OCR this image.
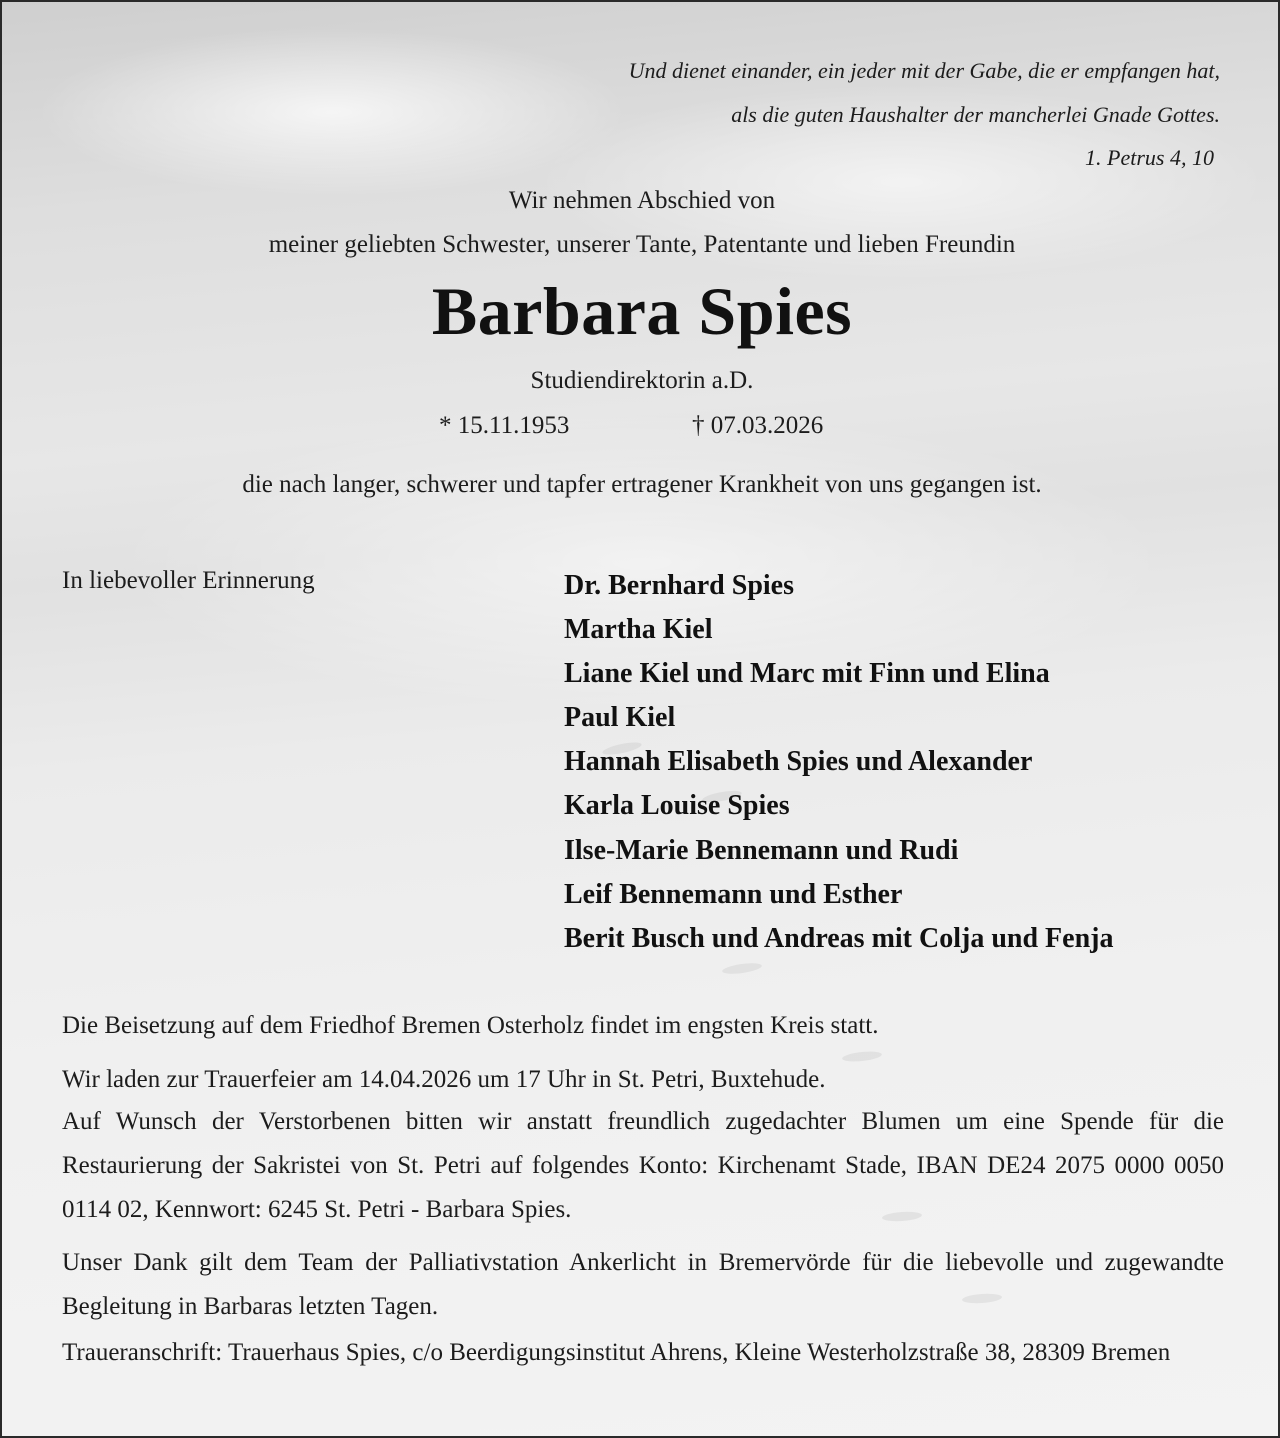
Und dienet einander, ein jeder mit der Gabe, die er empfangen hat,
als die guten Haushalter der mancherlei Gnade Gottes.
1. Petrus 4, 10
Wir nehmen Abschied von
meiner geliebten Schwester, unserer Tante, Patentante und lieben Freundin
Barbara Spies
Studiendirektorin a.D.
* 15.11.1953	† 07.03.2026
die nach langer, schwerer und tapfer ertragener Krankheit von uns gegangen ist.
In liebevoller Erinnerung	Dr. Bernhard Spies
Martha Kiel
Liane Kiel und Marc mit Finn und Elina
Paul Kiel
Hannah Elisabeth Spies und Alexander
Karla Louise Spies
Ilse-Marie Bennemann und Rudi
Leif Bennemann und Esther
Berit Busch und Andreas mit Colja und Fenja
Die Beisetzung auf dem Friedhof Bremen Osterholz findet im engsten Kreis statt.
Wir laden zur Trauerfeier am 14.04.2026 um 17 Uhr in St. Petri, Buxtehude.
Auf Wunsch der Verstorbenen bitten wir anstatt freundlich zugedachter Blumen um eine Spende für die Restaurierung der Sakristei von St. Petri auf folgendes Konto: Kirchenamt Stade, IBAN DE24 2075 0000 0050 0114 02, Kennwort: 6245 St. Petri - Barbara Spies.
Unser Dank gilt dem Team der Palliativstation Ankerlicht in Bremervörde für die liebevolle und zugewandte Begleitung in Barbaras letzten Tagen.
Traueranschrift: Trauerhaus Spies, c/o Beerdigungsinstitut Ahrens, Kleine Westerholzstraße 38, 28309 Bremen
